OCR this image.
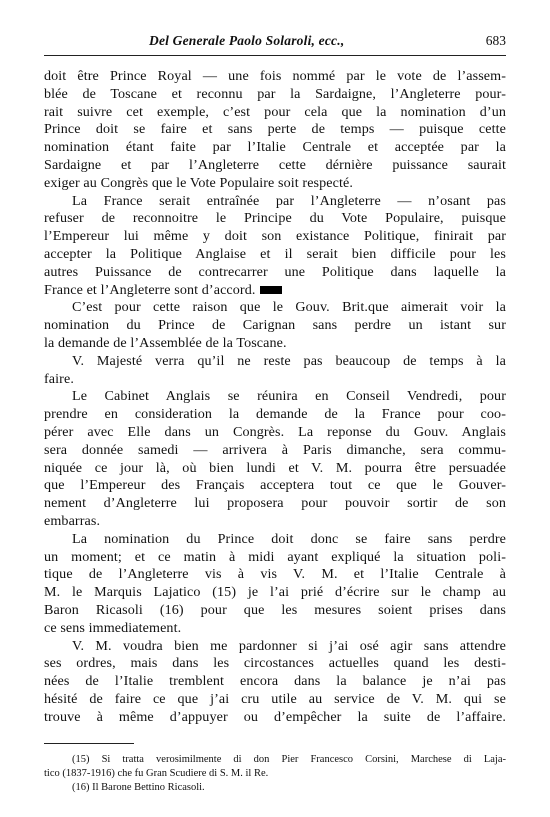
Del Generale Paolo Solaroli, ecc.,	683
doit être Prince Royal — une fois nommé par le vote de l’assem-
blée de Toscane et reconnu par la Sardaigne, l’Angleterre pour-
rait suivre cet exemple, c’est pour cela que la nomination d’un
Prince doit se faire et sans perte de temps — puisque cette
nomination étant faite par l’Italie Centrale et acceptée par la
Sardaigne et par l’Angleterre cette dérnière puissance saurait
exiger au Congrès que le Vote Populaire soit respecté.
La France serait entraînée par l’Angleterre — n’osant pas
refuser de reconnoitre le Principe du Vote Populaire, puisque
l’Empereur lui même y doit son existance Politique, finirait par
accepter la Politique Anglaise et il serait bien difficile pour les
autres Puissance de contrecarrer une Politique dans laquelle la
France et l’Angleterre sont d’accord.
C’est pour cette raison que le Gouv. Brit.que aimerait voir la
nomination du Prince de Carignan sans perdre un istant sur
la demande de l’Assemblée de la Toscane.
V. Majesté verra qu’il ne reste pas beaucoup de temps à la
faire.
Le Cabinet Anglais se réunira en Conseil Vendredi, pour
prendre en consideration la demande de la France pour coo-
pérer avec Elle dans un Congrès. La reponse du Gouv. Anglais
sera donnée samedi — arrivera à Paris dimanche, sera commu-
niquée ce jour là, où bien lundi et V. M. pourra être persuadée
que l’Empereur des Français acceptera tout ce que le Gouver-
nement d’Angleterre lui proposera pour pouvoir sortir de son
embarras.
La nomination du Prince doit donc se faire sans perdre
un moment; et ce matin à midi ayant expliqué la situation poli-
tique de l’Angleterre vis à vis V. M. et l’Italie Centrale à
M. le Marquis Lajatico (15) je l’ai prié d’écrire sur le champ au
Baron Ricasoli (16) pour que les mesures soient prises dans
ce sens immediatement.
V. M. voudra bien me pardonner si j’ai osé agir sans attendre
ses ordres, mais dans les circostances actuelles quand les desti-
nées de l’Italie tremblent encora dans la balance je n’ai pas
hésité de faire ce que j’ai cru utile au service de V. M. qui se
trouve à même d’appuyer ou d’empêcher la suite de l’affaire.
(15) Si tratta verosimilmente di don Pier Francesco Corsini, Marchese di Laja-
tico (1837-1916) che fu Gran Scudiere di S. M. il Re.
(16) Il Barone Bettino Ricasoli.
